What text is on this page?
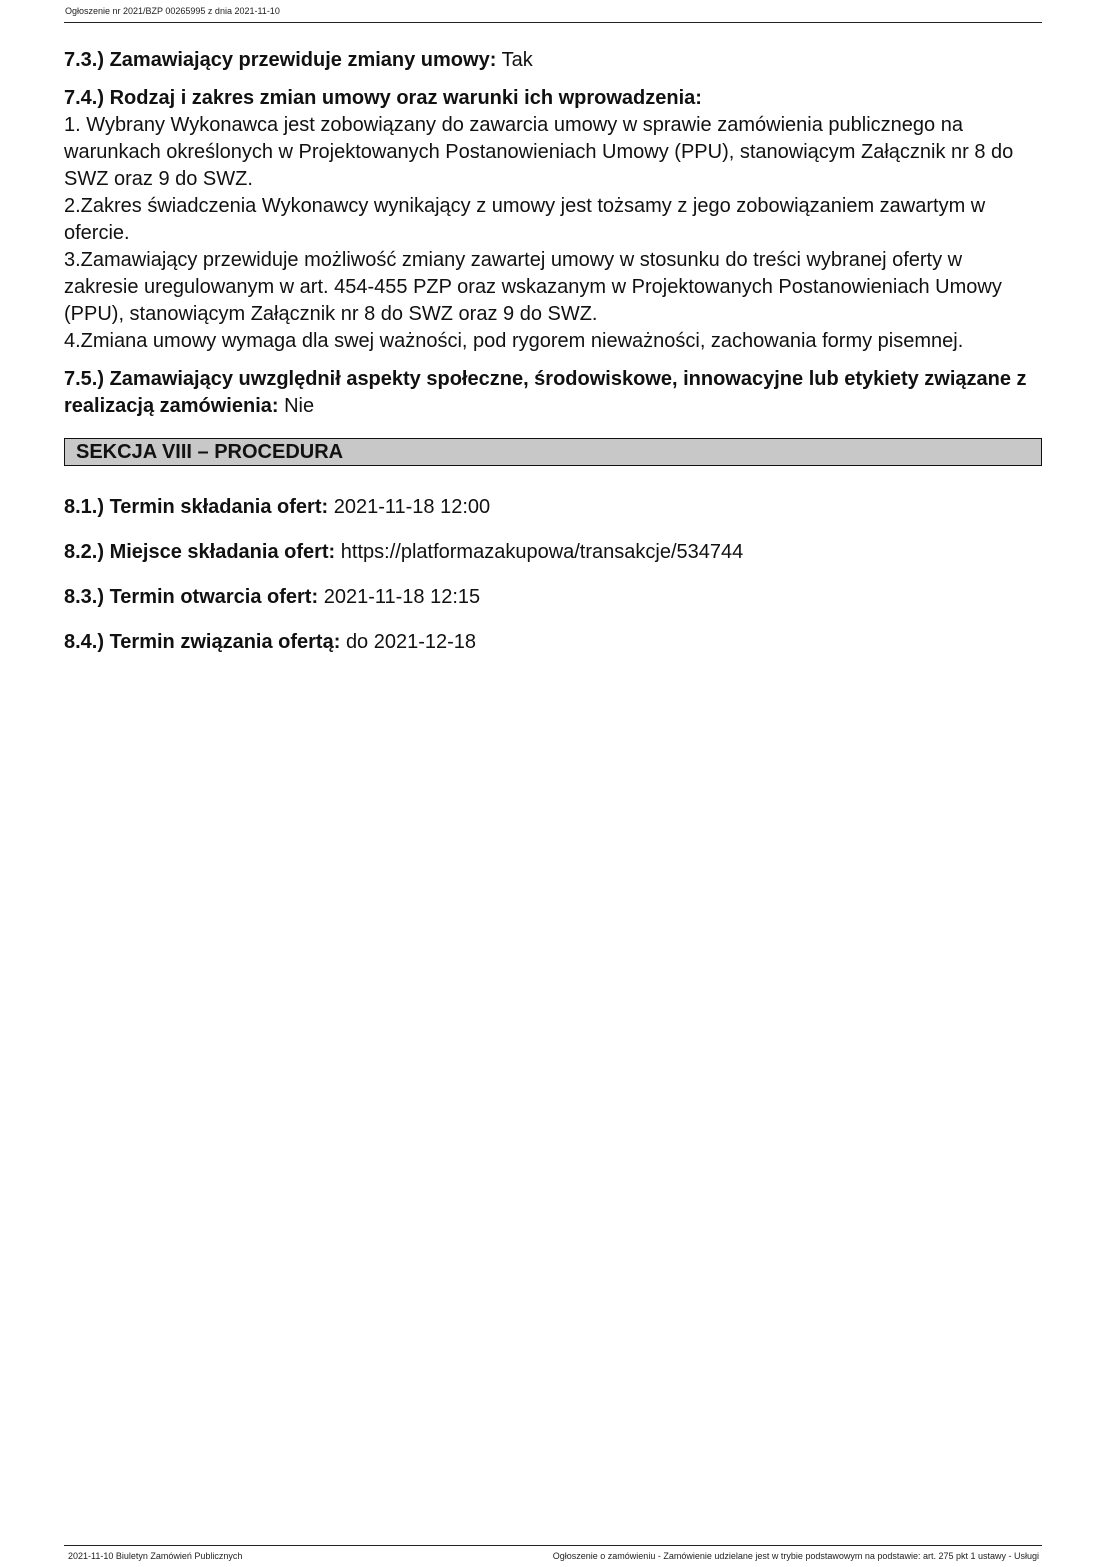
Ogłoszenie nr 2021/BZP 00265995 z dnia 2021-11-10

7.3.) Zamawiający przewiduje zmiany umowy: Tak

7.4.) Rodzaj i zakres zmian umowy oraz warunki ich wprowadzenia:

1. Wybrany Wykonawca jest zobowiązany do zawarcia umowy w sprawie zamówienia publicznego na warunkach określonych w Projektowanych Postanowieniach Umowy (PPU), stanowiącym Załącznik nr 8 do SWZ oraz 9 do SWZ.

2.Zakres świadczenia Wykonawcy wynikający z umowy jest tożsamy z jego zobowiązaniem zawartym w ofercie.

3.Zamawiający przewiduje możliwość zmiany zawartej umowy w stosunku do treści wybranej oferty w zakresie uregulowanym w art. 454-455 PZP oraz wskazanym w Projektowanych Postanowieniach Umowy (PPU), stanowiącym Załącznik nr 8 do SWZ oraz 9 do SWZ.

4.Zmiana umowy wymaga dla swej ważności, pod rygorem nieważności, zachowania formy pisemnej.

7.5.) Zamawiający uwzględnił aspekty społeczne, środowiskowe, innowacyjne lub etykiety związane z realizacją zamówienia: Nie

SEKCJA VIII – PROCEDURA

8.1.) Termin składania ofert: 2021-11-18 12:00

8.2.) Miejsce składania ofert: https://platformazakupowa/transakcje/534744

8.3.) Termin otwarcia ofert: 2021-11-18 12:15

8.4.) Termin związania ofertą: do 2021-12-18

2021-11-10 Biuletyn Zamówień Publicznych	Ogłoszenie o zamówieniu - Zamówienie udzielane jest w trybie podstawowym na podstawie: art. 275 pkt 1 ustawy - Usługi
